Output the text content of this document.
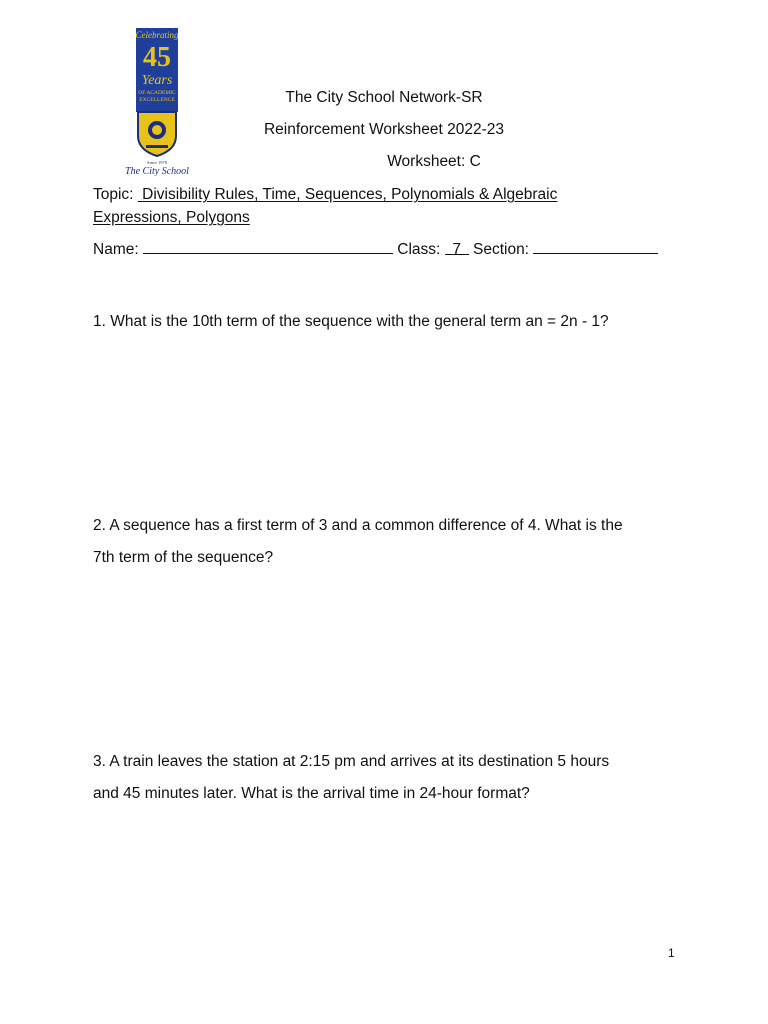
Celebrating
45
Years
OF ACADEMIC
EXCELLENCE
Since 1978
The City School
The City School Network-SR
Reinforcement Worksheet 2022-23
Worksheet: C
Topic: Divisibility Rules, Time, Sequences, Polynomials & Algebraic
Expressions, Polygons
Name:	Class: 7 Section:
1. What is the 10th term of the sequence with the general term an = 2n - 1?
2. A sequence has a first term of 3 and a common difference of 4. What is the
7th term of the sequence?
3. A train leaves the station at 2:15 pm and arrives at its destination 5 hours
and 45 minutes later. What is the arrival time in 24-hour format?
1
